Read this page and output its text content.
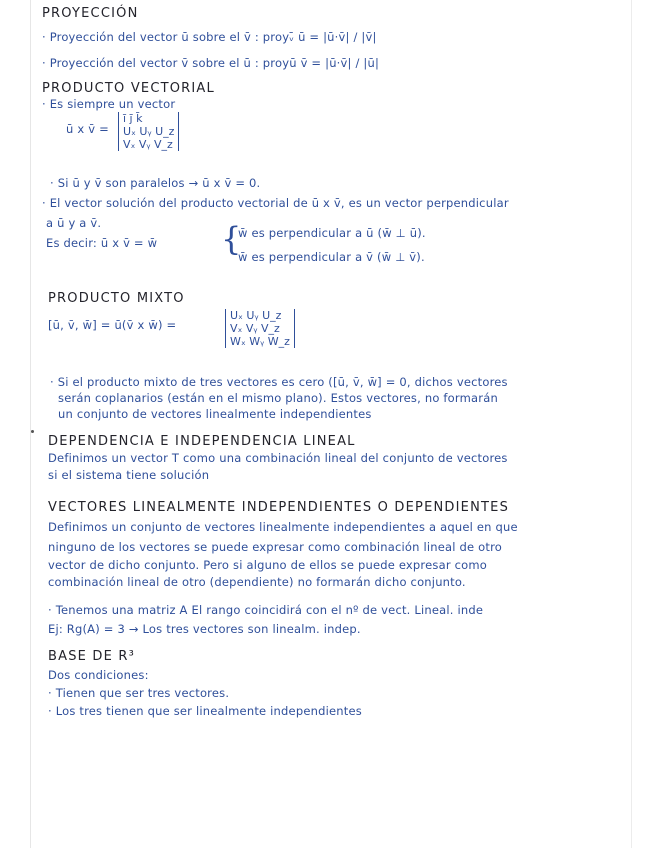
PROYECCIÓN
· Proyección del vector ū sobre el v̄ : proyᵥ̄ ū = |ū·v̄| / |v̄|
· Proyección del vector v̄ sobre el ū : proyū v̄ = |ū·v̄| / |ū|
PRODUCTO VECTORIAL
· Es siempre un vector
ū x v̄ =
ī j̄ k̄
Uₓ Uᵧ U_z
Vₓ Vᵧ V_z
· Si ū y v̄ son paralelos → ū x v̄ = 0.
· El vector solución del producto vectorial de ū x v̄, es un vector perpendicular
a ū y a v̄.
Es decir: ū x v̄ = w̄ {
w̄ es perpendicular a ū (w̄ ⊥ ū).
w̄ es perpendicular a v̄ (w̄ ⊥ v̄).
PRODUCTO MIXTO
[ū, v̄, w̄] = ū(v̄ x w̄) =
Uₓ Uᵧ U_z
Vₓ Vᵧ V_z
Wₓ Wᵧ W_z
· Si el producto mixto de tres vectores es cero ([ū, v̄, w̄] = 0, dichos vectores
serán coplanarios (están en el mismo plano). Estos vectores, no formarán
un conjunto de vectores linealmente independientes
DEPENDENCIA E INDEPENDENCIA LINEAL
Definimos un vector T como una combinación lineal del conjunto de vectores
si el sistema tiene solución
VECTORES LINEALMENTE INDEPENDIENTES O DEPENDIENTES
Definimos un conjunto de vectores linealmente independientes a aquel en que
ninguno de los vectores se puede expresar como combinación lineal de otro
vector de dicho conjunto. Pero si alguno de ellos se puede expresar como
combinación lineal de otro (dependiente) no formarán dicho conjunto.
· Tenemos una matriz A El rango coincidirá con el nº de vect. Lineal. inde
Ej: Rg(A) = 3 → Los tres vectores son linealm. indep.
BASE DE R³
Dos condiciones:
· Tienen que ser tres vectores.
· Los tres tienen que ser linealmente independientes
